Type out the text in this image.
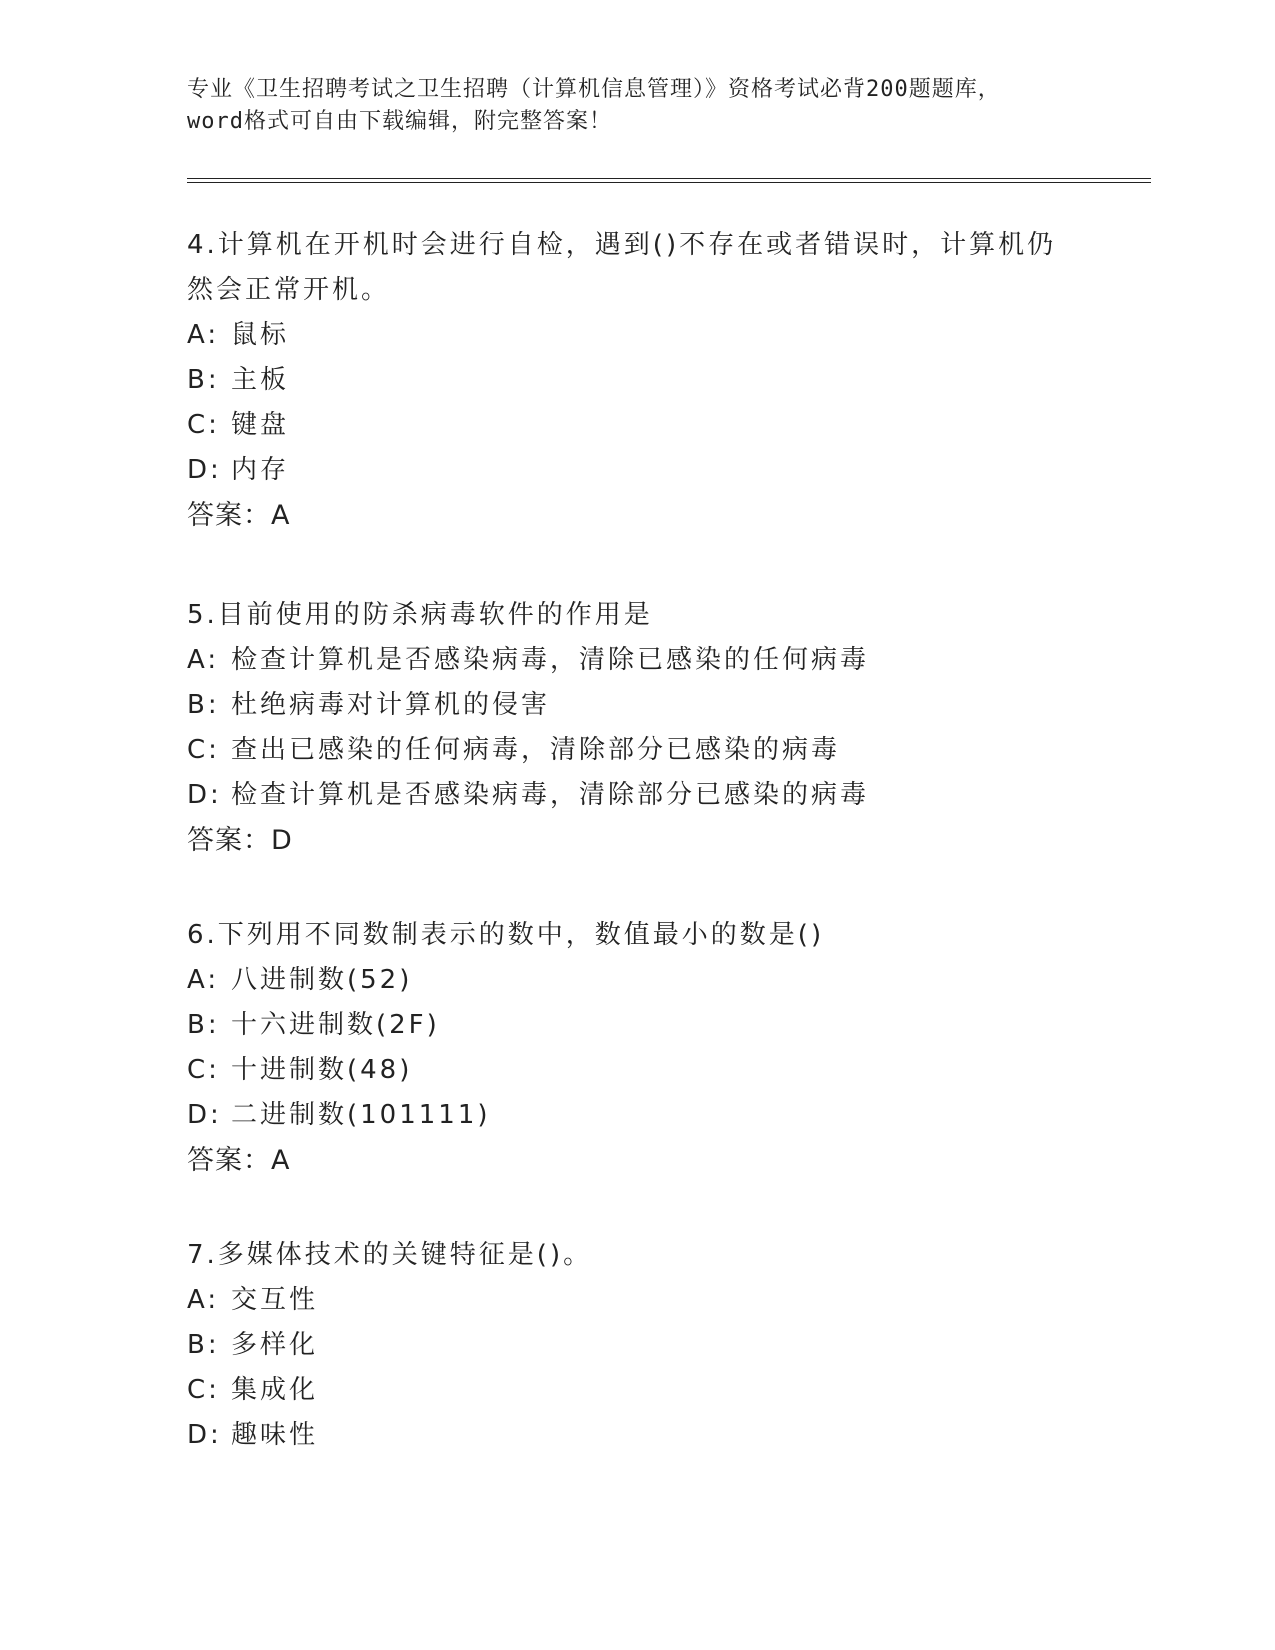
专业《卫生招聘考试之卫生招聘（计算机信息管理）》资格考试必背200题题库，
word格式可自由下载编辑，附完整答案！
4.计算机在开机时会进行自检，遇到()不存在或者错误时，计算机仍
然会正常开机。
A: 鼠标
B: 主板
C: 键盘
D: 内存
答案：A
5.目前使用的防杀病毒软件的作用是
A: 检查计算机是否感染病毒，清除已感染的任何病毒
B: 杜绝病毒对计算机的侵害
C: 查出已感染的任何病毒，清除部分已感染的病毒
D: 检查计算机是否感染病毒，清除部分已感染的病毒
答案：D
6.下列用不同数制表示的数中，数值最小的数是()
A: 八进制数(52)
B: 十六进制数(2F)
C: 十进制数(48)
D: 二进制数(101111)
答案：A
7.多媒体技术的关键特征是()。
A: 交互性
B: 多样化
C: 集成化
D: 趣味性
